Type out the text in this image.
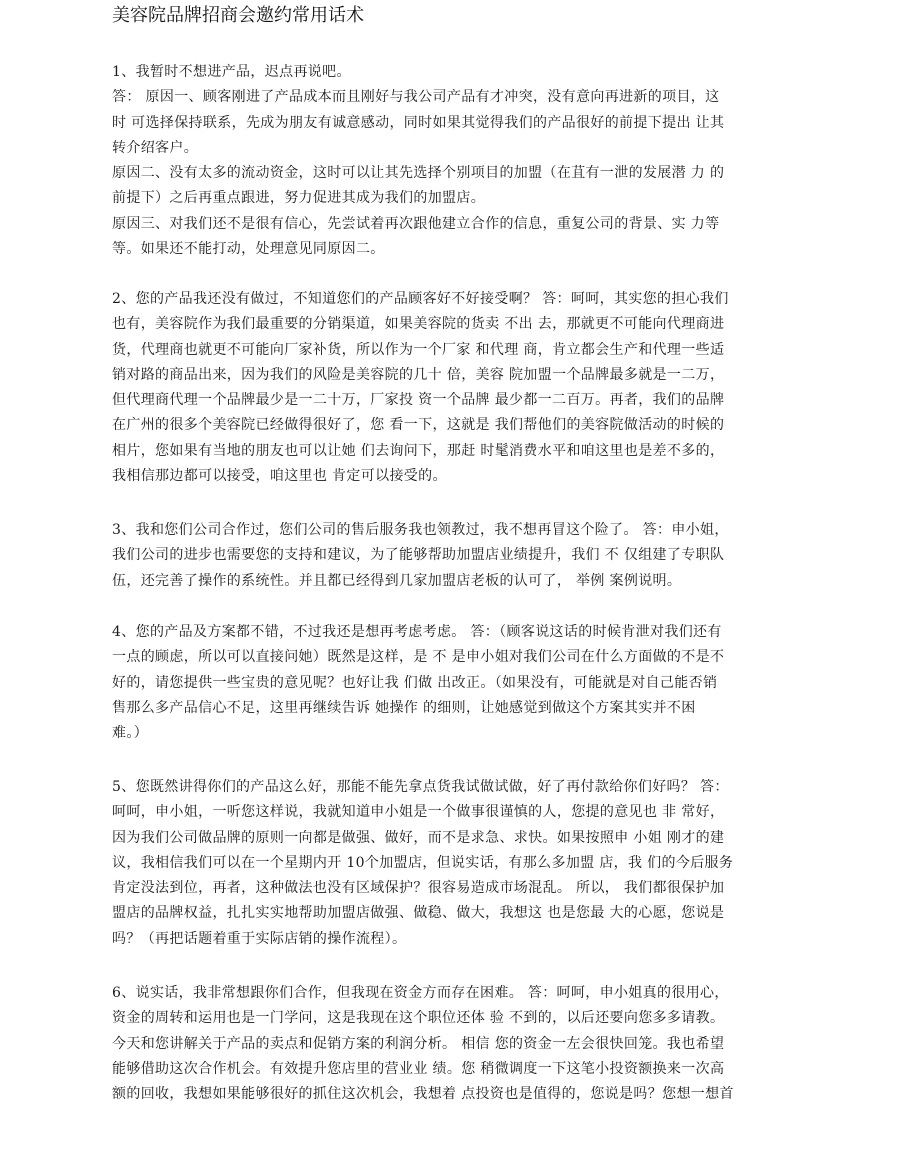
美容院品牌招商会邀约常用话术
1、我暂时不想进产品，迟点再说吧。
答： 原因一、顾客刚进了产品成本而且刚好与我公司产品有才冲突，没有意向再进新的项目，这
时 可选择保持联系，先成为朋友有诚意感动，同时如果其觉得我们的产品很好的前提下提出 让其
转介绍客户。
原因二、没有太多的流动资金，这时可以让其先选择个别项目的加盟（在苴有一泄的发展潜 力 的
前提下）之后再重点跟进，努力促进其成为我们的加盟店。
原因三、对我们还不是很有信心，先尝试着再次跟他建立合作的信息，重复公司的背景、实 力等
等。如果还不能打动，处理意见同原因二。
2、您的产品我还没有做过，不知道您们的产品顾客好不好接受啊？ 答：呵呵，其实您的担心我们
也有，美容院作为我们最重要的分销渠道，如果美容院的货卖 不出 去，那就更不可能向代理商进
货，代理商也就更不可能向厂家补货，所以作为一个厂家 和代理 商，肯立都会生产和代理一些适
销对路的商品出来，因为我们的风险是美容院的几十 倍，美容 院加盟一个品牌最多就是一二万，
但代理商代理一个品牌最少是一二十万，厂家投 资一个品牌 最少都一二百万。再者，我们的品牌
在广州的很多个美容院已经做得很好了，您 看一下，这就是 我们帮他们的美容院做活动的时候的
相片，您如果有当地的朋友也可以让她 们去询问下，那赶 时髦消费水平和咱这里也是差不多的，
我相信那边都可以接受，咱这里也 肯定可以接受的。
3、我和您们公司合作过，您们公司的售后服务我也领教过，我不想再冒这个险了。 答：申小姐，
我们公司的进步也需要您的支持和建议，为了能够帮助加盟店业绩提升，我们 不 仅组建了专职队
伍，还完善了操作的系统性。并且都已经得到几家加盟店老板的认可了， 举例 案例说明。
4、您的产品及方案都不错，不过我还是想再考虑考虑。 答：（顾客说这话的时候肯泄对我们还有
一点的顾虑，所以可以直接问她）既然是这样，是 不 是申小姐对我们公司在什么方面做的不是不
好的，请您提供一些宝贵的意见呢？也好让我 们做 出改正。（如果没有，可能就是对自己能否销
售那么多产品信心不足，这里再继续告诉 她操作 的细则，让她感觉到做这个方案其实并不困
难。）
5、您既然讲得你们的产品这么好，那能不能先拿点货我试做试做，好了再付款给你们好吗？ 答：
呵呵，申小姐，一听您这样说，我就知道申小姐是一个做事很谨慎的人，您提的意见也 非 常好，
因为我们公司做品牌的原则一向都是做强、做好，而不是求急、求快。如果按照申 小姐 刚才的建
议，我相信我们可以在一个星期内开 10个加盟店，但说实话，有那么多加盟 店，我 们的今后服务
肯定没法到位，再者，这种做法也没有区域保护？很容易造成市场混乱。 所以， 我们都很保护加
盟店的品牌权益，扎扎实实地帮助加盟店做强、做稳、做大，我想这 也是您最 大的心愿，您说是
吗？（再把话题着重于实际店销的操作流程）。
6、说实话，我非常想跟你们合作，但我现在资金方而存在困难。 答：呵呵，申小姐真的很用心，
资金的周转和运用也是一门学问，这是我现在这个职位还体 验 不到的，以后还要向您多多请教。
今天和您讲解关于产品的卖点和促销方案的利润分析。 相信 您的资金一左会很快回笼。我也希望
能够借助这次合作机会。有效提升您店里的营业业 绩。您 稍微调度一下这笔小投资额换来一次高
额的回收，我想如果能够很好的抓住这次机会，我想着 点投资也是值得的，您说是吗？您想一想首
